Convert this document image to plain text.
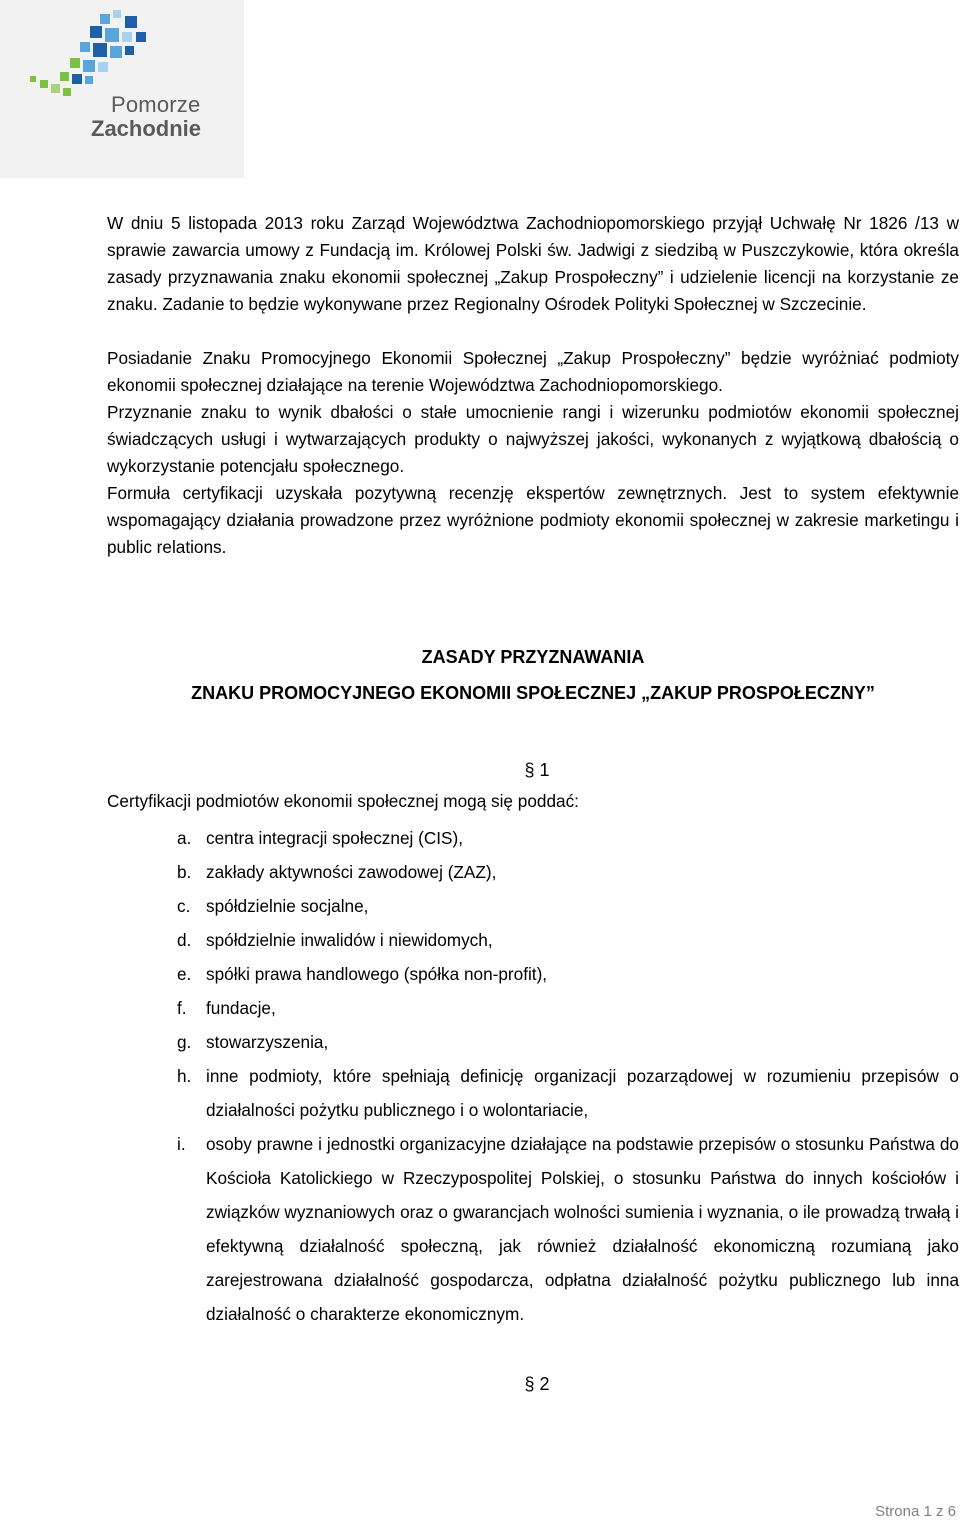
Pomorze
Zachodnie

W dniu 5 listopada 2013 roku Zarząd Województwa Zachodniopomorskiego przyjął Uchwałę Nr 1826 /13 w sprawie zawarcia umowy z Fundacją im. Królowej Polski św. Jadwigi z siedzibą w Puszczykowie, która określa zasady przyznawania znaku ekonomii społecznej „Zakup Prospołeczny” i udzielenie licencji na korzystanie ze znaku. Zadanie to będzie wykonywane przez Regionalny Ośrodek Polityki Społecznej w Szczecinie.

Posiadanie Znaku Promocyjnego Ekonomii Społecznej „Zakup Prospołeczny” będzie wyróżniać podmioty ekonomii społecznej działające na terenie Województwa Zachodniopomorskiego.

Przyznanie znaku to wynik dbałości o stałe umocnienie rangi i wizerunku podmiotów ekonomii społecznej świadczących usługi i wytwarzających produkty o najwyższej jakości, wykonanych z wyjątkową dbałością o wykorzystanie potencjału społecznego.

Formuła certyfikacji uzyskała pozytywną recenzję ekspertów zewnętrznych. Jest to system efektywnie wspomagający działania prowadzone przez wyróżnione podmioty ekonomii społecznej w zakresie marketingu i public relations.

ZASADY PRZYZNAWANIA
ZNAKU PROMOCYJNEGO EKONOMII SPOŁECZNEJ „ZAKUP PROSPOŁECZNY”
§ 1

Certyfikacji podmiotów ekonomii społecznej mogą się poddać:

a. centra integracji społecznej (CIS),
b. zakłady aktywności zawodowej (ZAZ),
c. spółdzielnie socjalne,
d. spółdzielnie inwalidów i niewidomych,
e. spółki prawa handlowego (spółka non-profit),
f. fundacje,
g. stowarzyszenia,
h. inne podmioty, które spełniają definicję organizacji pozarządowej w rozumieniu przepisów o działalności pożytku publicznego i o wolontariacie,
i. osoby prawne i jednostki organizacyjne działające na podstawie przepisów o stosunku Państwa do Kościoła Katolickiego w Rzeczypospolitej Polskiej, o stosunku Państwa do innych kościołów i związków wyznaniowych oraz o gwarancjach wolności sumienia i wyznania, o ile prowadzą trwałą i efektywną działalność społeczną, jak również działalność ekonomiczną rozumianą jako zarejestrowana działalność gospodarcza, odpłatna działalność pożytku publicznego lub inna działalność o charakterze ekonomicznym.
§ 2
Strona 1 z 6
